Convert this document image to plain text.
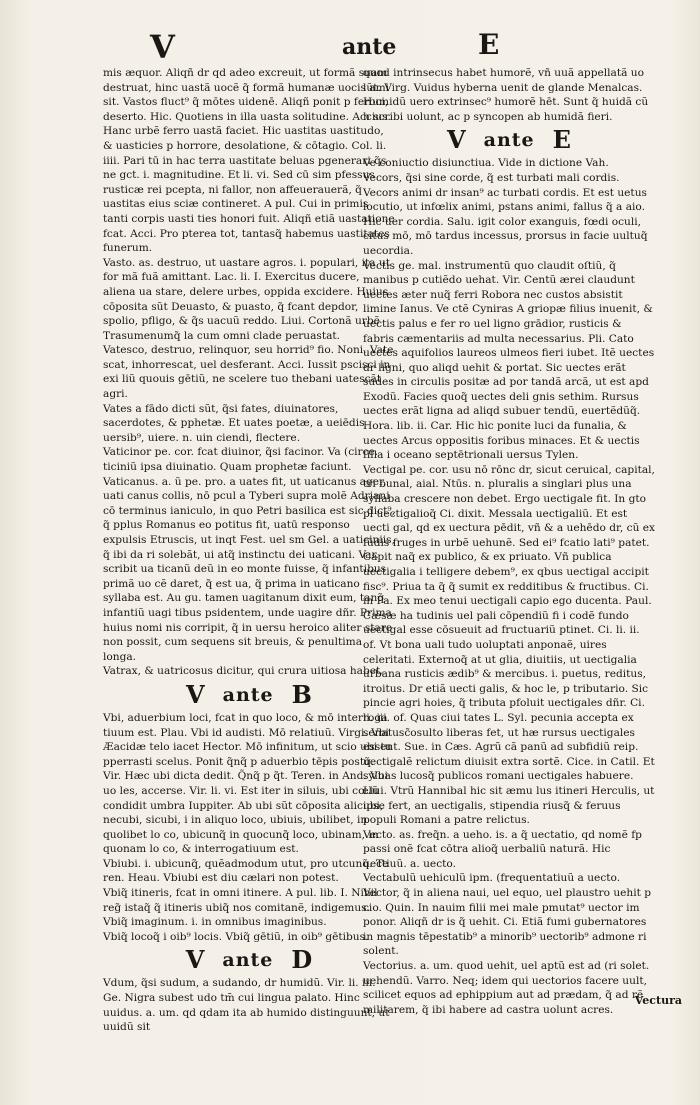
V	ante	E

mis æquor. Aliqñ dr qd adeo excreuit, ut formã suam destruat, hinc uastã uocẽ q̃ formã humanæ uocis ami sit. Vastos fluct⁹ q̃ mōtes uidenē. Aliqñ ponit p feroci, deserto. Hic. Quotiens in illa uasta solitudine. Accius. Hanc urbẽ ferro uastã faciet. Hic uastitas uastitudo, & uasticies p horrore, desolatione, & cōtagio. Col. li. iiii. Pari tū in hac terra uastitate beluas pgenerari q̃s ne gct. i. magnitudine. Et li. vi. Sed cū sim pfessus rusticæ rei pcepta, ni fallor, non affeuerauerã, q̃ uastitas eius sciæ contineret. A pul. Cui in primis tanti corpis uasti ties honori fuit. Aliqñ etiã uastatione fcat. Acci. Pro pterea tot, tantasq̃ habemus uastitates funerum.

Vasto. as. destruo, ut uastare agros. i. populari, ita ut for mã fuã amittant. Lac. li. I. Exercitus ducere, aliena ua stare, delere urbes, oppida excidere. Huius cōposita sũt Deuasto, & puasto, q̃ fcant depdor, spolio, pfligo, & q̃s uacuũ reddo. Liui. Cortonã urbẽ Trasumenumq̃ la cum omni clade peruastat.

Vatesco, destruo, relinquor, seu horrid⁹ fio. Noni. Vate scat, inhorrescat, uel desferant. Acci. Iussit pscisci in exi liũ quouis gētiũ, ne scelere tuo thebani uatescãt agri.

Vates a fādo dicti sũt, q̃si fates, diuinatores, sacerdotes, & pphetæ. Et uates poetæ, a ueiēdis uersib⁹, uiere. n. uin ciendi, flectere.

Vaticinor pe. cor. fcat diuinor, q̃si facinor. Va (circe. ticiniũ ipsa diuinatio. Quam prophetæ faciunt.

Vaticanus. a. ũ pe. pro. a uates fit, ut uaticanus ager, uati canus collis, nō pcul a Tyberi supra molẽ Adriani cō terminus ianiculo, in quo Petri basilica est sic dict⁹, q̃ pplus Romanus eo potitus fit, uatū responso expulsis Etruscis, ut inqt Fest. uel sm Gel. a uaticiniis, q̃ ibi da ri solebãt, ui atq̃ instinctu dei uaticani. Var. scribit ua ticanũ deũ in eo monte fuisse, q̃ infantibus primã uo cẽ daret, q̃ est ua, q̃ prima in uaticano syllaba est. Au gu. tamen uagitanum dixit eum, tanq̃ infantiũ uagi tibus psidentem, unde uagire dñr. Prima huius nomi nis corripit, q̃ in uersu heroico aliter stare non possit, cum sequens sit breuis, & penultima longa.

Vatrax, & uatricosus dicitur, qui crura uitiosa habet.

V ante B

Vbi, aduerbium loci, fcat in quo loco, & mō interroga tiuum est. Plau. Vbi id audisti. Mō relatiuũ. Virgi. Vbi Æacidæ telo iacet Hector. Mō infinitum, ut scio ubi tu pperrasti scelus. Ponit q̃nq̃ p aduerbio tēpis postq̃. Vir. Hæc ubi dicta dedit. Q̃nq̃ p q̃t. Teren. in And. Vbi uo les, accerse. Vir. li. vi. Est iter in siluis, ubi cœlũ condidit umbra Iuppiter. Ab ubi sũt cōposita alicubi, necubi, sicubi, i in aliquo loco, ubiuis, ubilibet, in quolibet lo co, ubicunq̃ in quocunq̃ loco, ubinam, in quonam lo co, & interrogatiuum est.

Vbiubi. i. ubicunq̃, quẽadmodum utut, pro utcunq̃. Te ren. Heau. Vbiubi est diu cælari non potest.

Vbiq̃ itineris, fcat in omni itinere. A pul. lib. I. Nihil reg̃ istaq̃ q̃ itineris ubiq̃ nos comitanẽ, indigemus.

Vbiq̃ imaginum. i. in omnibus imaginibus.

Vbiq̃ locoq̃ i oib⁹ locis. Vbiq̃ gētiũ, in oib⁹ gētibus.

V ante D

Vdum, q̃si sudum, a sudando, dr humidũ. Vir. li. iii. Ge. Nigra subest udo tm̄ cui lingua palato. Hinc uuidus. a. um. qd qdam ita ab humido distinguunt, ut uuidũ sit

quod intrinsecus habet humorẽ, vñ uuã appellatã uo lũt. Virg. Vuidus hyberna uenit de glande Menalcas. Humidũ uero extrinsec⁹ humorẽ hēt. Sunt q̃ huidã cũ h scribi uolunt, ac p syncopen ab humidã fieri.

V ante E

Ve coniuctio disiunctiua. Vide in dictione Vah.

Vecors, q̃si sine corde, q̃ est turbati mali cordis. Vecors animi dr insan⁹ ac turbati cordis. Et est uetus locutio, ut infœlix animi, pstans animi, fallus q̃ a aio. Hic uer cordia. Salu. igit color exanguis, fœdi oculi, citus mō, mō tardus incessus, prorsus in facie uultuq̃ uecordia.

Vectis ge. mal. instrumentũ quo claudit oſtiũ, q̃ manibus p cutiẽdo uehat. Vir. Centũ ærei claudunt uectes æter nuq̃ ferri Robora nec custos absistit limine Ianus. Ve ctẽ Cyniras A griopæ filius inuenit, & uectis palus e fer ro uel ligno grādior, rusticis & fabris cæmentariis ad multa necessarius. Pli. Cato uectes aquifolios laureos ulmeos fieri iubet. Itẽ uectes dr ligni, quo aliqd uehit & portat. Sic uectes erãt sudes in circulis positæ ad por tandã arcã, ut est apd Exodũ. Facies quoq̃ uectes deli gnis sethim. Rursus uectes erãt ligna ad aliqd subuer tendũ, euertẽdũq̃. Hora. lib. ii. Car. Hic hic ponite luci da funalia, & uectes Arcus oppositis foribus minaces. Et & uectis ſilla i oceano septētrionali uersus Tylen.

Vectigal pe. cor. usu nō rōnc dr, sicut ceruical, capital, tri bunal, aial. Ntūs. n. pluralis a singlari plus una syllaba crescere non debet. Ergo uectigale fit. In gto pl̄ uectigalioq̃ Ci. dixit. Messala uectigaliũ. Et est uecti gal, qd ex uectura pēdit, vñ & a uehēdo dr, cũ ex fūdis fruges in urbẽ uehunẽ. Sed ei⁹ fcatio lati⁹ patet. Capit naq̃ ex publico, & ex priuato. Vñ publica uectigalia i telligere debem⁹, ex qbus uectigal accipit fisc⁹. Priua ta q̃ q̃ sumit ex redditibus & fructibus. Ci. in Pa. Ex meo tenui uectigali capio ego ducenta. Paul. Cæsæ ha tudinis uel pali cōpendiũ fi i codẽ fundo uectigal esse cōsueuit ad fructuariũ ptinet. Ci. li. ii. of. Vt bona uali tudo uoluptati anponaẽ, uires celeritati. Externoq̃ at ut glia, diuitiis, ut uectigalia urbana rusticis ædib⁹ & mercibus. i. puetus, reditus, itroitus. Dr etiã uecti galis, & hoc le, p tributario. Sic pincie agri hoies, q̃ tributa pfoluit uectigales dñr. Ci. li. iii. of. Quas ciui tates L. Syl. pecunia accepta ex senatusc̃osulto liberas fet, ut hæ rursus uectigales essent. Sue. in Cæs. Agrũ cã panũ ad subfidiũ reip. uectigalẽ relictum diuisit extra sortẽ. Cice. in Catil. Et syluas lucosq̃ publicos romani uectigales habuere. Liui. Vtrũ Hannibal hic sit æmu lus itineri Herculis, ut ipse fert, an uectigalis, stipendia riusq̃ & feruus populi Romani a patre relictus.

Vecto. as. freq̃n. a ueho. is. a q̃ uectatio, qd nomẽ fp passi onẽ fcat cōtra alioq̃ uerbaliũ naturã. Hic uectiuũ. a. uecto.

Vectabulũ uehiculũ ipm. (frequentatiuũ a uecto.

Vector, q̃ in aliena naui, uel equo, uel plaustro uehit p cio. Quin. In nauim filii mei male pmutat⁹ uector im ponor. Aliqñ dr is q̃ uehit. Ci. Etiã fumi gubernatores in magnis tēpestatib⁹ a minorib⁹ uectorib⁹ admone ri solent.

Vectorius. a. um. quod uehit, uel aptũ est ad (ri solet. uehendũ. Varro. Neq; idem qui uectorios facere uult, scilicet equos ad ephippium aut ad prædam, q̃ ad rẽ militarem, q̃ ibi habere ad castra uolunt acres.

Vectura
